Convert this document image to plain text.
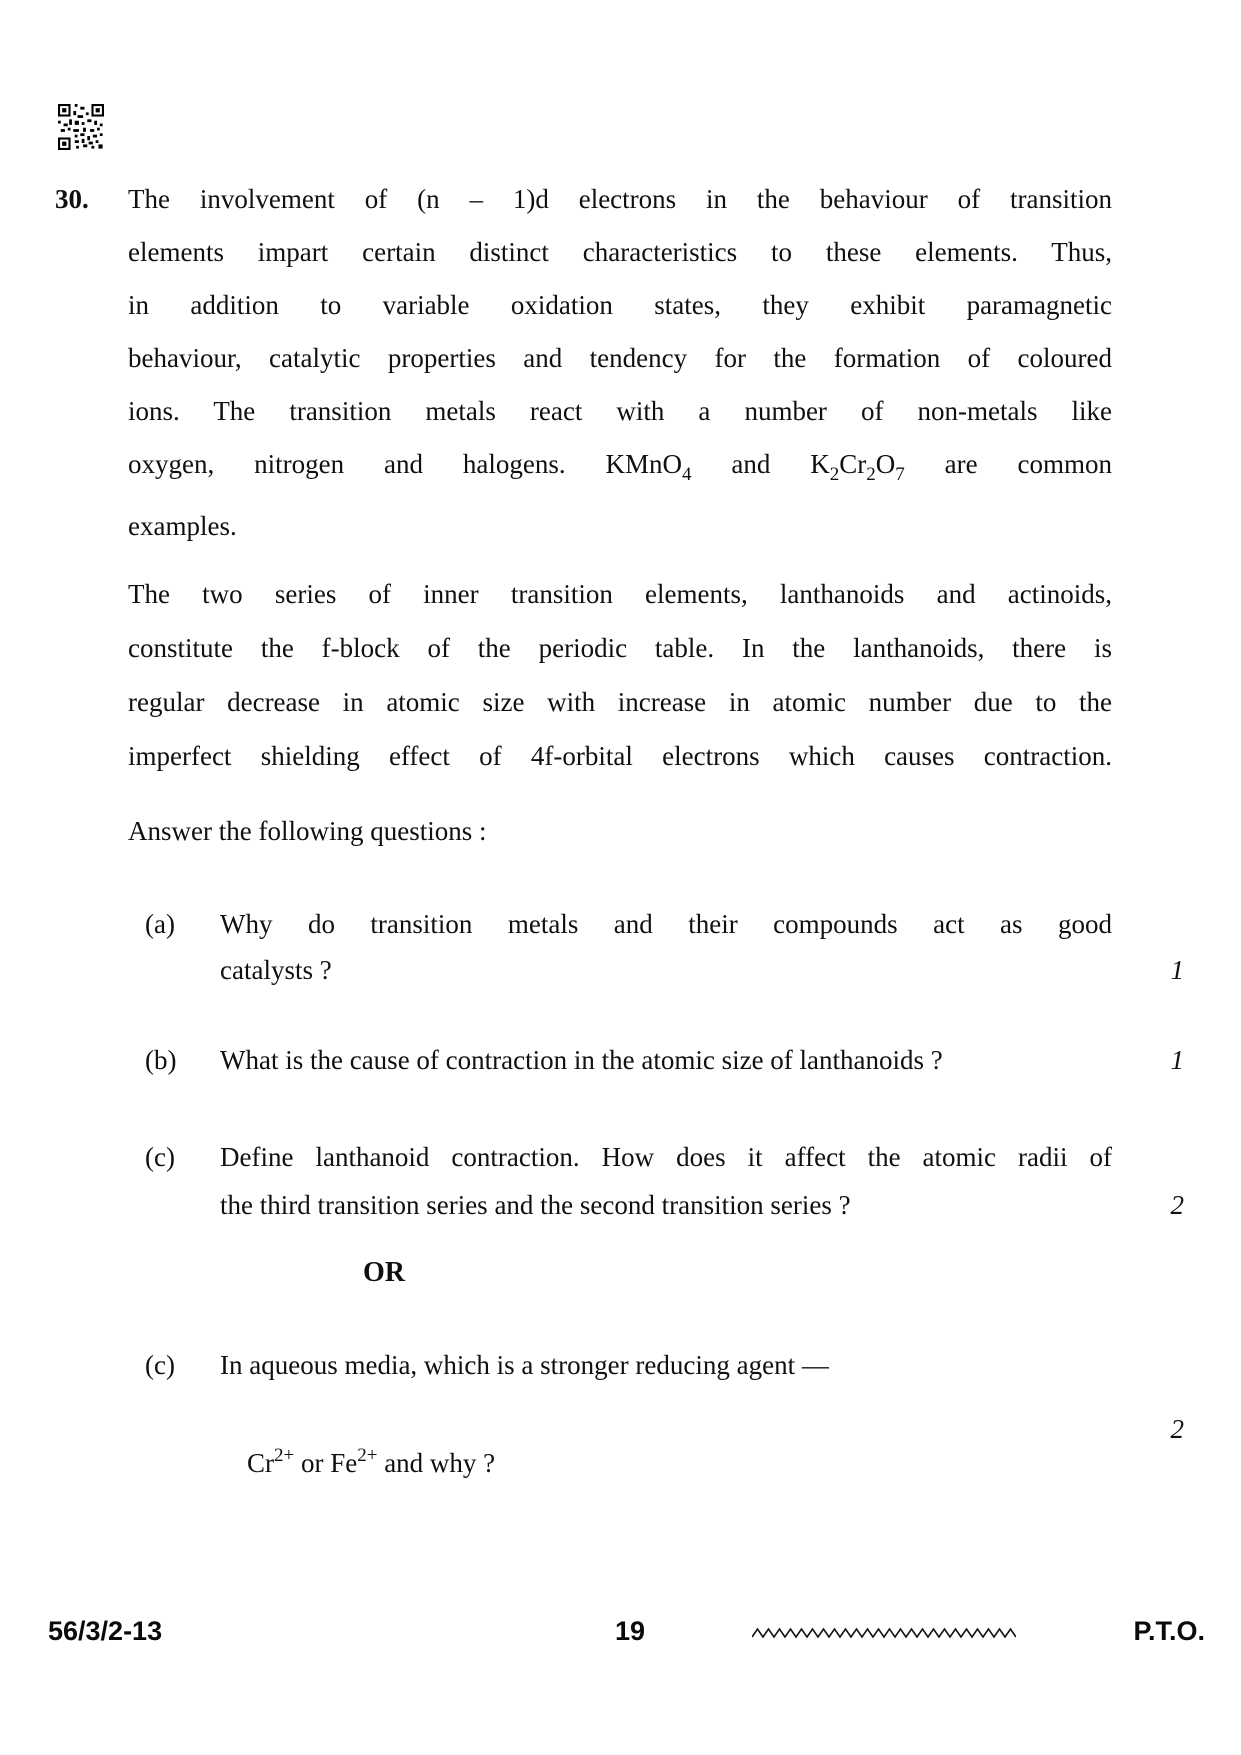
30. The involvement of (n – 1)d electrons in the behaviour of transition
elements impart certain distinct characteristics to these elements. Thus,
in addition to variable oxidation states, they exhibit paramagnetic
behaviour, catalytic properties and tendency for the formation of coloured
ions. The transition metals react with a number of non-metals like
oxygen, nitrogen and halogens. KMnO$_4$ and $K_2Cr_2O_7$ are common
examples.
The two series of inner transition elements, lanthanoids and actinoids,
constitute the f-block of the periodic table. In the lanthanoids, there is
regular decrease in atomic size with increase in atomic number due to the
imperfect shielding effect of 4f-orbital electrons which causes contraction.
Answer the following questions :
(a) Why do transition metals and their compounds act as good
catalysts ?	1
(b) What is the cause of contraction in the atomic size of lanthanoids ?	1
(c) Define lanthanoid contraction. How does it affect the atomic radii of
the third transition series and the second transition series ?	2
OR
(c) In aqueous media, which is a stronger reducing agent —

$Cr^{2+}$ or $Fe^{2+}$ and why ?

2
56/3/2-13	19	P.T.O.
